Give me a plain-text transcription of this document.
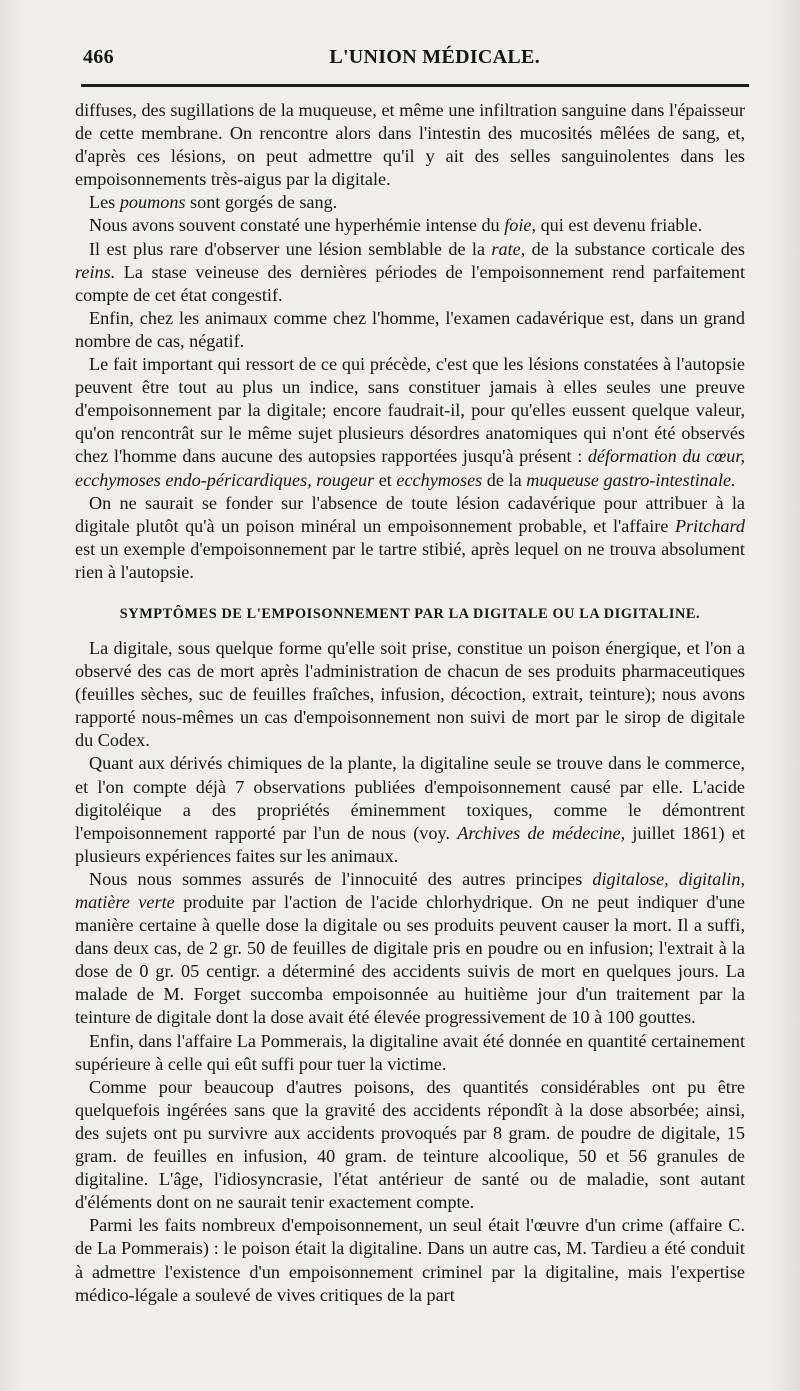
466	L'UNION MÉDICALE.

diffuses, des sugillations de la muqueuse, et même une infiltration sanguine dans l'épaisseur de cette membrane. On rencontre alors dans l'intestin des mucosités mêlées de sang, et, d'après ces lésions, on peut admettre qu'il y ait des selles sanguinolentes dans les empoisonnements très-aigus par la digitale.

Les poumons sont gorgés de sang.

Nous avons souvent constaté une hyperhémie intense du foie, qui est devenu friable.

Il est plus rare d'observer une lésion semblable de la rate, de la substance corticale des reins. La stase veineuse des dernières périodes de l'empoisonnement rend parfaitement compte de cet état congestif.

Enfin, chez les animaux comme chez l'homme, l'examen cadavérique est, dans un grand nombre de cas, négatif.

Le fait important qui ressort de ce qui précède, c'est que les lésions constatées à l'autopsie peuvent être tout au plus un indice, sans constituer jamais à elles seules une preuve d'empoisonnement par la digitale; encore faudrait-il, pour qu'elles eussent quelque valeur, qu'on rencontrât sur le même sujet plusieurs désordres anatomiques qui n'ont été observés chez l'homme dans aucune des autopsies rapportées jusqu'à présent : déformation du cœur, ecchymoses endo-péricardiques, rougeur et ecchymoses de la muqueuse gastro-intestinale.

On ne saurait se fonder sur l'absence de toute lésion cadavérique pour attribuer à la digitale plutôt qu'à un poison minéral un empoisonnement probable, et l'affaire Pritchard est un exemple d'empoisonnement par le tartre stibié, après lequel on ne trouva absolument rien à l'autopsie.

SYMPTÔMES DE L'EMPOISONNEMENT PAR LA DIGITALE OU LA DIGITALINE.

La digitale, sous quelque forme qu'elle soit prise, constitue un poison énergique, et l'on a observé des cas de mort après l'administration de chacun de ses produits pharmaceutiques (feuilles sèches, suc de feuilles fraîches, infusion, décoction, extrait, teinture); nous avons rapporté nous-mêmes un cas d'empoisonnement non suivi de mort par le sirop de digitale du Codex.

Quant aux dérivés chimiques de la plante, la digitaline seule se trouve dans le commerce, et l'on compte déjà 7 observations publiées d'empoisonnement causé par elle. L'acide digitoléique a des propriétés éminemment toxiques, comme le démontrent l'empoisonnement rapporté par l'un de nous (voy. Archives de médecine, juillet 1861) et plusieurs expériences faites sur les animaux.

Nous nous sommes assurés de l'innocuité des autres principes digitalose, digitalin, matière verte produite par l'action de l'acide chlorhydrique. On ne peut indiquer d'une manière certaine à quelle dose la digitale ou ses produits peuvent causer la mort. Il a suffi, dans deux cas, de 2 gr. 50 de feuilles de digitale pris en poudre ou en infusion; l'extrait à la dose de 0 gr. 05 centigr. a déterminé des accidents suivis de mort en quelques jours. La malade de M. Forget succomba empoisonnée au huitième jour d'un traitement par la teinture de digitale dont la dose avait été élevée progressivement de 10 à 100 gouttes.

Enfin, dans l'affaire La Pommerais, la digitaline avait été donnée en quantité certainement supérieure à celle qui eût suffi pour tuer la victime.

Comme pour beaucoup d'autres poisons, des quantités considérables ont pu être quelquefois ingérées sans que la gravité des accidents répondît à la dose absorbée; ainsi, des sujets ont pu survivre aux accidents provoqués par 8 gram. de poudre de digitale, 15 gram. de feuilles en infusion, 40 gram. de teinture alcoolique, 50 et 56 granules de digitaline. L'âge, l'idiosyncrasie, l'état antérieur de santé ou de maladie, sont autant d'éléments dont on ne saurait tenir exactement compte.

Parmi les faits nombreux d'empoisonnement, un seul était l'œuvre d'un crime (affaire C. de La Pommerais) : le poison était la digitaline. Dans un autre cas, M. Tardieu a été conduit à admettre l'existence d'un empoisonnement criminel par la digitaline, mais l'expertise médico-légale a soulevé de vives critiques de la part
